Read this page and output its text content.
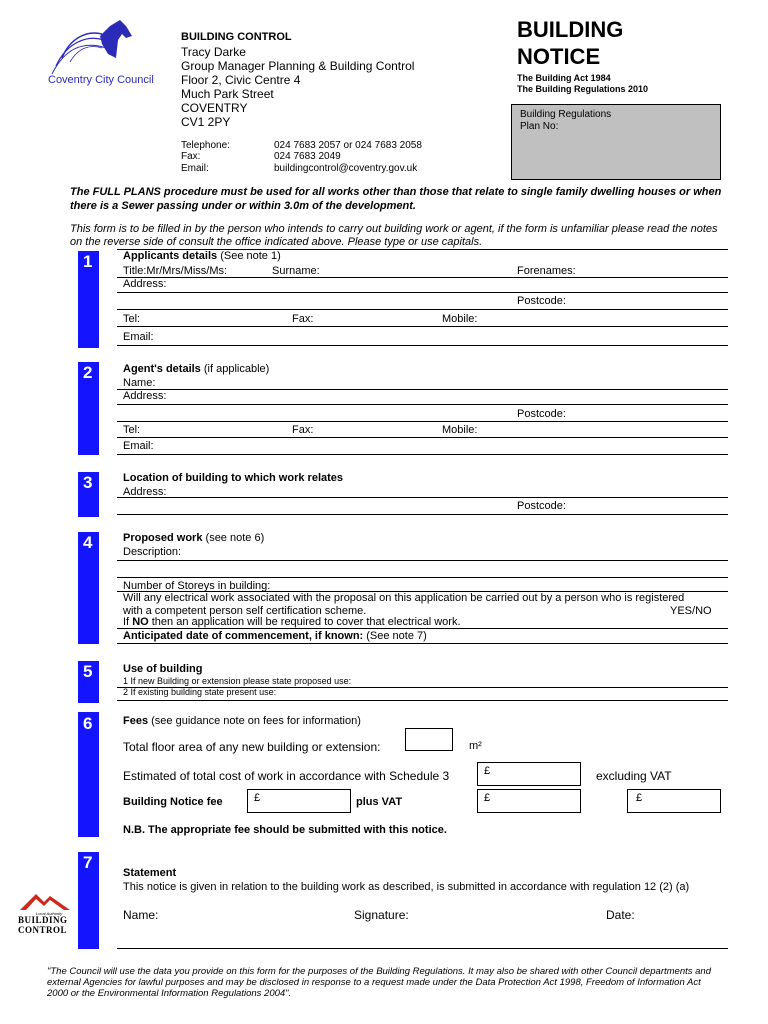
Coventry City Council
BUILDING CONTROL
Tracy Darke
Group Manager Planning & Building Control
Floor 2, Civic Centre 4
Much Park Street
COVENTRY
CV1 2PY
Telephone:	024 7683 2057 or 024 7683 2058
Fax:	024 7683 2049
Email:	buildingcontrol@coventry.gov.uk
BUILDING
NOTICE
The Building Act 1984
The Building Regulations 2010
Building Regulations
Plan No:
The FULL PLANS procedure must be used for all works other than those that relate to single family dwelling houses or when there is a Sewer passing under or within 3.0m of the development.
This form is to be filled in by the person who intends to carry out building work or agent, if the form is unfamiliar please read the notes on the reverse side of consult the office indicated above. Please type or use capitals.
1	Applicants details (See note 1)
Title:Mr/Mrs/Miss/Ms:	Surname:	Forenames:
Address:
Postcode:
Tel:	Fax:	Mobile:
Email:
2	Agent's details (if applicable)
Name:
Address:
Postcode:
Tel:	Fax:	Mobile:
Email:
3	Location of building to which work relates
Address:
Postcode:
4	Proposed work (see note 6)
Description:
Number of Storeys in building:
Will any electrical work associated with the proposal on this application be carried out by a person who is registered
with a competent person self certification scheme.	YES/NO
If NO then an application will be required to cover that electrical work.
Anticipated date of commencement, if known: (See note 7)
5	Use of building
1 If new Building or extension please state proposed use:
2 If existing building state present use:
6	Fees (see guidance note on fees for information)
Total floor area of any new building or extension:	m²
Estimated of total cost of work in accordance with Schedule 3	£	excluding VAT
Building Notice fee	£	plus VAT	£	£
N.B. The appropriate fee should be submitted with this notice.
7
Statement
This notice is given in relation to the building work as described, is submitted in accordance with regulation 12 (2) (a)
Name:	Signature:	Date:
Local Authority
BUILDING
CONTROL
"The Council will use the data you provide on this form for the purposes of the Building Regulations. It may also be shared with other Council departments and external Agencies for lawful purposes and may be disclosed in response to a request made under the Data Protection Act 1998, Freedom of Information Act 2000 or the Environmental Information Regulations 2004".
